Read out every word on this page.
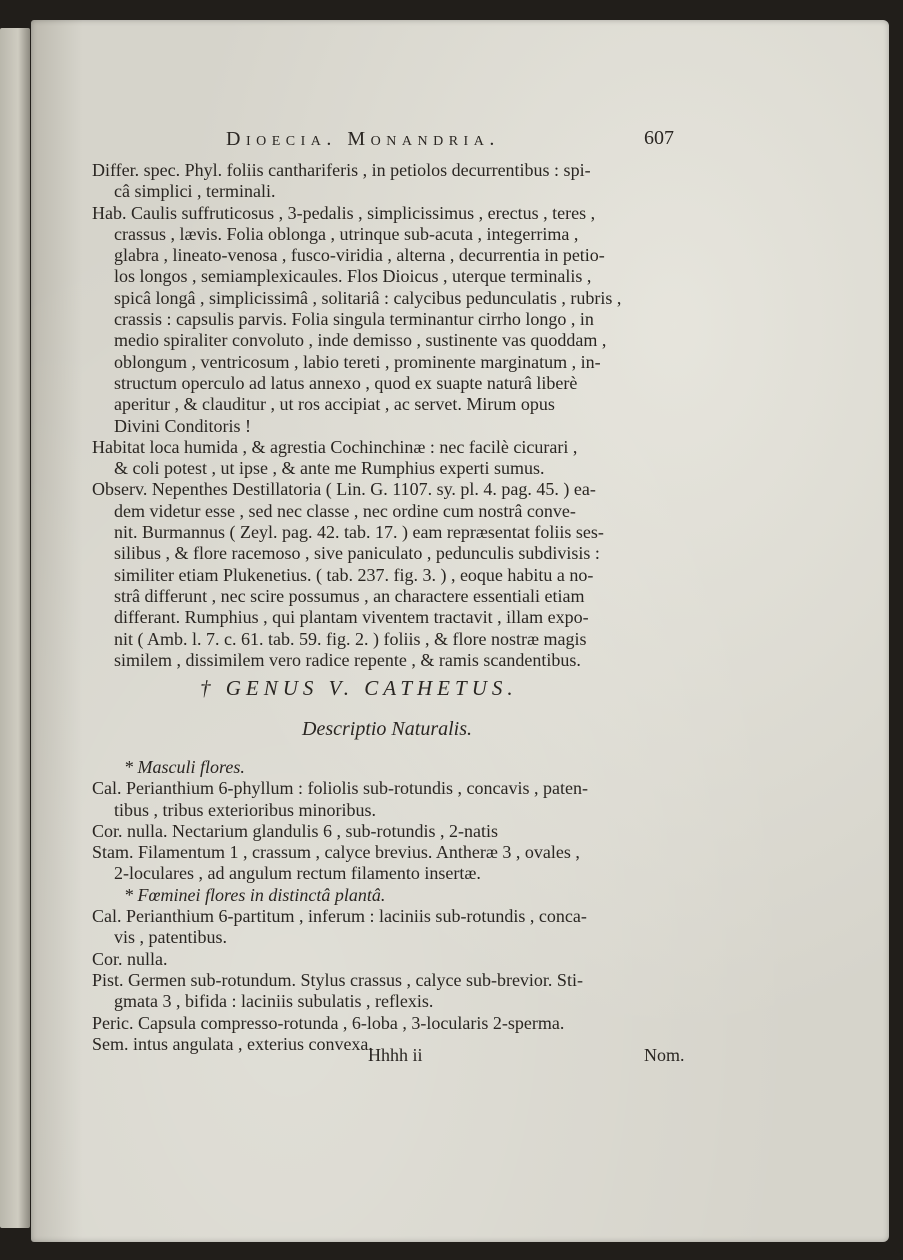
Dioecia. Monandria.	607
Differ. spec. Phyl. foliis canthariferis , in petiolos decurrentibus : spi-
câ simplici , terminali.
Hab. Caulis suffruticosus , 3-pedalis , simplicissimus , erectus , teres ,
crassus , lævis. Folia oblonga , utrinque sub-acuta , integerrima ,
glabra , lineato-venosa , fusco-viridia , alterna , decurrentia in petio-
los longos , semiamplexicaules. Flos Dioicus , uterque terminalis ,
spicâ longâ , simplicissimâ , solitariâ : calycibus pedunculatis , rubris ,
crassis : capsulis parvis. Folia singula terminantur cirrho longo , in
medio spiraliter convoluto , inde demisso , sustinente vas quoddam ,
oblongum , ventricosum , labio tereti , prominente marginatum , in-
structum operculo ad latus annexo , quod ex suapte naturâ liberè
aperitur , & clauditur , ut ros accipiat , ac servet. Mirum opus
Divini Conditoris !
Habitat loca humida , & agrestia Cochinchinæ : nec facilè cicurari ,
& coli potest , ut ipse , & ante me Rumphius experti sumus.
Observ. Nepenthes Destillatoria ( Lin. G. 1107. sy. pl. 4. pag. 45. ) ea-
dem videtur esse , sed nec classe , nec ordine cum nostrâ conve-
nit. Burmannus ( Zeyl. pag. 42. tab. 17. ) eam repræsentat foliis ses-
silibus , & flore racemoso , sive paniculato , pedunculis subdivisis :
similiter etiam Plukenetius. ( tab. 237. fig. 3. ) , eoque habitu a no-
strâ differunt , nec scire possumus , an charactere essentiali etiam
differant. Rumphius , qui plantam viventem tractavit , illam expo-
nit ( Amb. l. 7. c. 61. tab. 59. fig. 2. ) foliis , & flore nostræ magis
similem , dissimilem vero radice repente , & ramis scandentibus.
† GENUS V. CATHETUS.
Descriptio Naturalis.
* Masculi flores.
Cal. Perianthium 6-phyllum : foliolis sub-rotundis , concavis , paten-
tibus , tribus exterioribus minoribus.
Cor. nulla. Nectarium glandulis 6 , sub-rotundis , 2-natis
Stam. Filamentum 1 , crassum , calyce brevius. Antheræ 3 , ovales ,
2-loculares , ad angulum rectum filamento insertæ.
* Fœminei flores in distinctâ plantâ.
Cal. Perianthium 6-partitum , inferum : laciniis sub-rotundis , conca-
vis , patentibus.
Cor. nulla.
Pist. Germen sub-rotundum. Stylus crassus , calyce sub-brevior. Sti-
gmata 3 , bifida : laciniis subulatis , reflexis.
Peric. Capsula compresso-rotunda , 6-loba , 3-locularis 2-sperma.
Sem. intus angulata , exterius convexa.
Hhhh ii	Nom.
